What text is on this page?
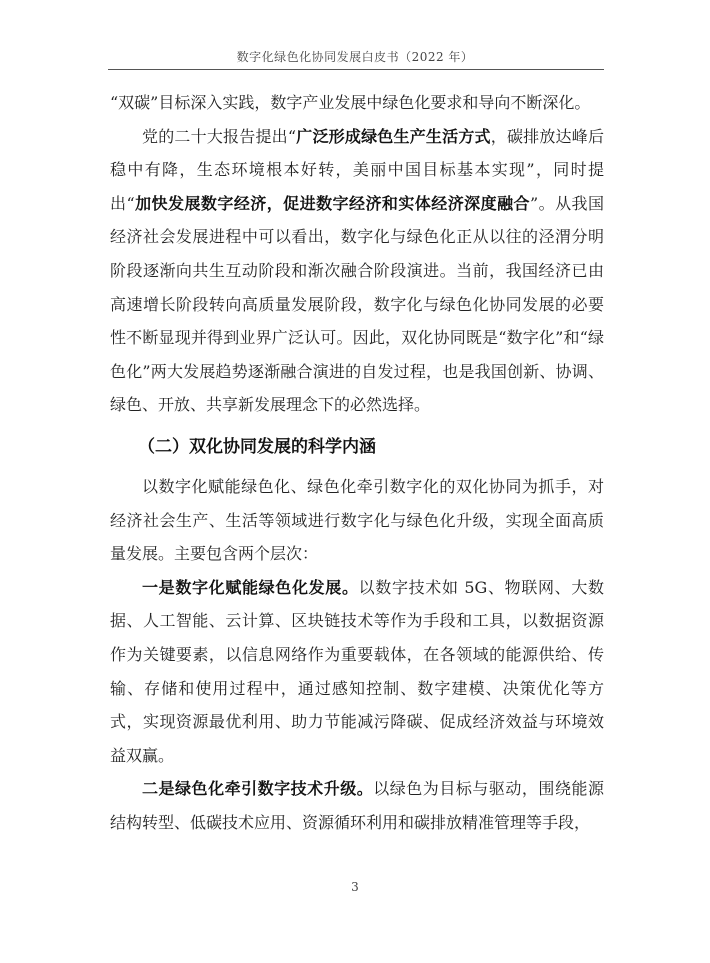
数字化绿色化协同发展白皮书（2022 年）

“双碳”目标深入实践，数字产业发展中绿色化要求和导向不断深化。

党的二十大报告提出“广泛形成绿色生产生活方式，碳排放达峰后稳中有降，生态环境根本好转，美丽中国目标基本实现”，同时提出“加快发展数字经济，促进数字经济和实体经济深度融合”。从我国经济社会发展进程中可以看出，数字化与绿色化正从以往的泾渭分明阶段逐渐向共生互动阶段和渐次融合阶段演进。当前，我国经济已由高速增长阶段转向高质量发展阶段，数字化与绿色化协同发展的必要性不断显现并得到业界广泛认可。因此，双化协同既是“数字化”和“绿色化”两大发展趋势逐渐融合演进的自发过程，也是我国创新、协调、绿色、开放、共享新发展理念下的必然选择。

（二）双化协同发展的科学内涵

以数字化赋能绿色化、绿色化牵引数字化的双化协同为抓手，对经济社会生产、生活等领域进行数字化与绿色化升级，实现全面高质量发展。主要包含两个层次：

一是数字化赋能绿色化发展。以数字技术如 5G、物联网、大数据、人工智能、云计算、区块链技术等作为手段和工具，以数据资源作为关键要素，以信息网络作为重要载体，在各领域的能源供给、传输、存储和使用过程中，通过感知控制、数字建模、决策优化等方式，实现资源最优利用、助力节能减污降碳、促成经济效益与环境效益双赢。

二是绿色化牵引数字技术升级。以绿色为目标与驱动，围绕能源结构转型、低碳技术应用、资源循环利用和碳排放精准管理等手段，

3
